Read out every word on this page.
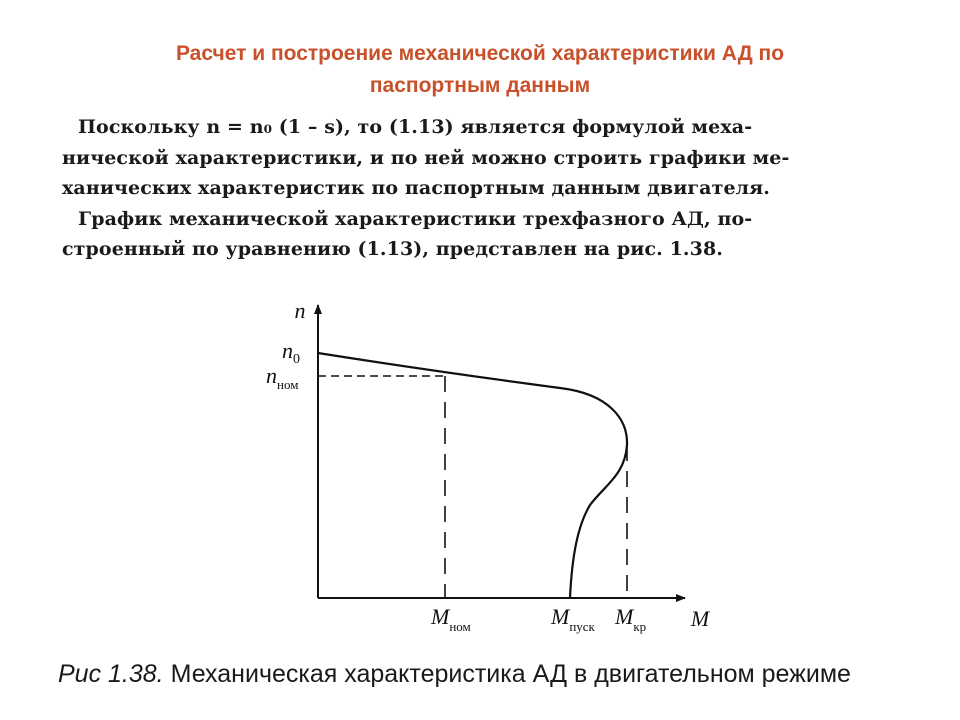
Расчет и построение механической характеристики АД по
паспортным данным
Поскольку n = n₀ (1 – s), то (1.13) является формулой меха-
нической характеристики, и по ней можно строить графики ме-
ханических характеристик по паспортным данным двигателя.
График механической характеристики трехфазного АД, по-
строенный по уравнению (1.13), представлен на рис. 1.38.
n
M
$n_0$
$n_{ном}$
$M_{ном}$	$M_{пуск}$ $M_{кр}$
Рис 1.38. Механическая характеристика АД в двигательном режиме
